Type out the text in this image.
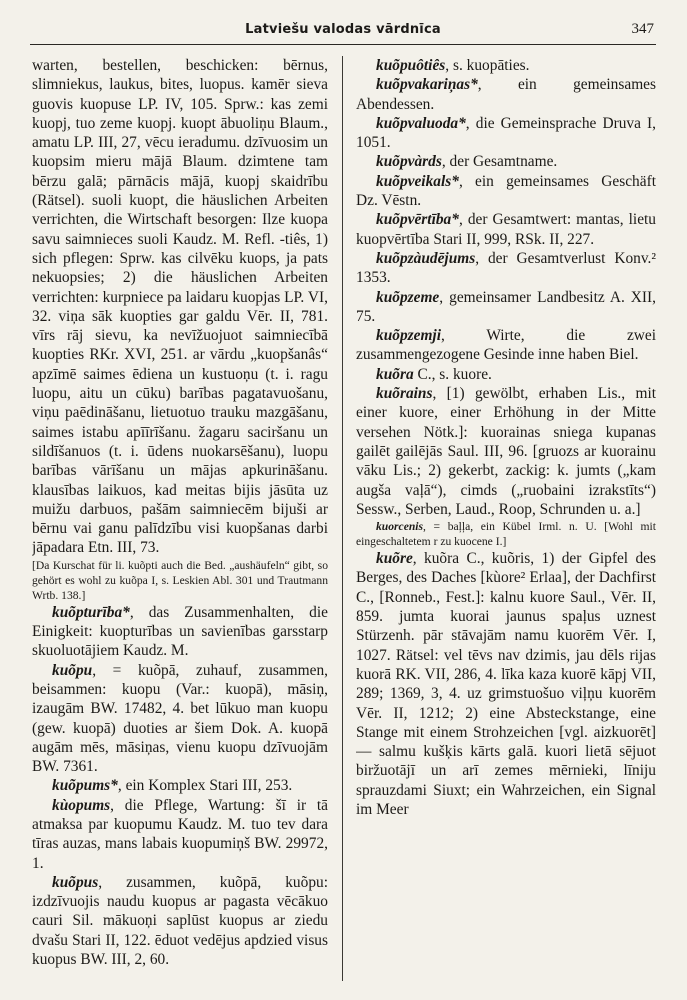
Latviešu valodas vārdnīca	347

warten, bestellen, beschicken: bērnus, slimniekus, laukus, bites, luopus. kamēr sieva guovis kuopuse LP. IV, 105. Sprw.: kas zemi kuopj, tuo zeme kuopj. kuopt ābuoliņu Blaum., amatu LP. III, 27, vēcu ieradumu. dzīvuosim un kuopsim mieru mājā Blaum. dzimtene tam bērzu galā; pārnācis mājā, kuopj skaidrību (Rätsel). suoli kuopt, die häuslichen Arbeiten verrichten, die Wirtschaft besorgen: Ilze kuopa savu saimnieces suoli Kaudz. M. Refl. -tiês, 1) sich pflegen: Sprw. kas cilvēku kuops, ja pats nekuopsies; 2) die häuslichen Arbeiten verrichten: kurpniece pa laidaru kuopjas LP. VI, 32. viņa sāk kuopties gar galdu Vēr. II, 781. vīrs rāj sievu, ka nevīžuojuot saimniecībā kuopties RKr. XVI, 251. ar vārdu „kuopšanâs“ apzīmē saimes ēdiena un kustuoņu (t. i. ragu luopu, aitu un cūku) barības pagatavuošanu, viņu paēdināšanu, lietuotuo trauku mazgāšanu, saimes istabu apīīrīšanu. žagaru saciršanu un sildīšanuos (t. i. ūdens nuokarsēšanu), luopu barības vārīšanu un mājas apkurināšanu. klausības laikuos, kad meitas bijis jāsūta uz muižu darbuos, pašām saimniecēm bijuši ar bērnu vai ganu palīdzību visi kuopšanas darbi jāpadara Etn. III, 73.

[Da Kurschat für li. kuõpti auch die Bed. „aushäufeln“ gibt, so gehört es wohl zu kuõpa I, s. Leskien Abl. 301 und Trautmann Wrtb. 138.]

kuõpturība*, das Zusammenhalten, die Einigkeit: kuopturības un savienības garsstarp skuoluotājiem Kaudz. M.

kuõpu, = kuõpā, zuhauf, zusammen, beisammen: kuopu (Var.: kuopā), māsiņ, izaugām BW. 17482, 4. bet lūkuo man kuopu (gew. kuopā) duoties ar šiem Dok. A. kuopā augām mēs, māsiņas, vienu kuopu dzīvuojām BW. 7361.

kuõpums*, ein Komplex Stari III, 253.

kùopums, die Pflege, Wartung: šī ir tā atmaksa par kuopumu Kaudz. M. tuo tev dara tīras auzas, mans labais kuopumiņš BW. 29972, 1.

kuõpus, zusammen, kuõpā, kuõpu: izdzīvuojis naudu kuopus ar pagasta vēcākuo cauri Sil. mākuoņi saplūst kuopus ar ziedu dvašu Stari II, 122. ēduot vedējus apdzied visus kuopus BW. III, 2, 60.

kuõpuôtiês, s. kuopāties.

kuõpvakariņas*, ein gemeinsames Abendessen.

kuõpvaluoda*, die Gemeinsprache Druva I, 1051.

kuõpvàrds, der Gesamtname.

kuõpveikals*, ein gemeinsames Geschäft Dz. Vēstn.

kuõpvērtība*, der Gesamtwert: mantas, lietu kuopvērtība Stari II, 999, RSk. II, 227.

kuõpzàudējums, der Gesamtverlust Konv.² 1353.

kuõpzeme, gemeinsamer Landbesitz A. XII, 75.

kuõpzemji, Wirte, die zwei zusammengezogene Gesinde inne haben Biel.

kuõra C., s. kuore.

kuõrains, [1) gewölbt, erhaben Lis., mit einer kuore, einer Erhöhung in der Mitte versehen Nötk.]: kuorainas sniega kupanas gailēt gailējās Saul. III, 96. [gruozs ar kuorainu vāku Lis.; 2) gekerbt, zackig: k. jumts („kam augša vaļā“), cimds („ruobaini izrakstīts“) Sessw., Serben, Laud., Roop, Schrunden u. a.]

kuorcenis, = baļļa, ein Kübel Irml. n. U. [Wohl mit eingeschaltetem r zu kuocene I.]

kuõre, kuõra C., kuõris, 1) der Gipfel des Berges, des Daches [kùore² Erlaa], der Dachfirst C., [Ronneb., Fest.]: kalnu kuore Saul., Vēr. II, 859. jumta kuorai jaunus spaļus uznest Stürzenh. pār stāvajām namu kuorēm Vēr. I, 1027. Rätsel: vel tēvs nav dzimis, jau dēls rijas kuorā RK. VII, 286, 4. līka kaza kuorē kāpj VII, 289; 1369, 3, 4. uz grimstuošuo viļņu kuorēm Vēr. II, 1212; 2) eine Absteckstange, eine Stange mit einem Strohzeichen [vgl. aizkuorēt] — salmu kušķis kārts galā. kuori lietā sējuot biržuotājī un arī zemes mērnieki, līniju sprauzdami Siuxt; ein Wahrzeichen, ein Signal im Meer
